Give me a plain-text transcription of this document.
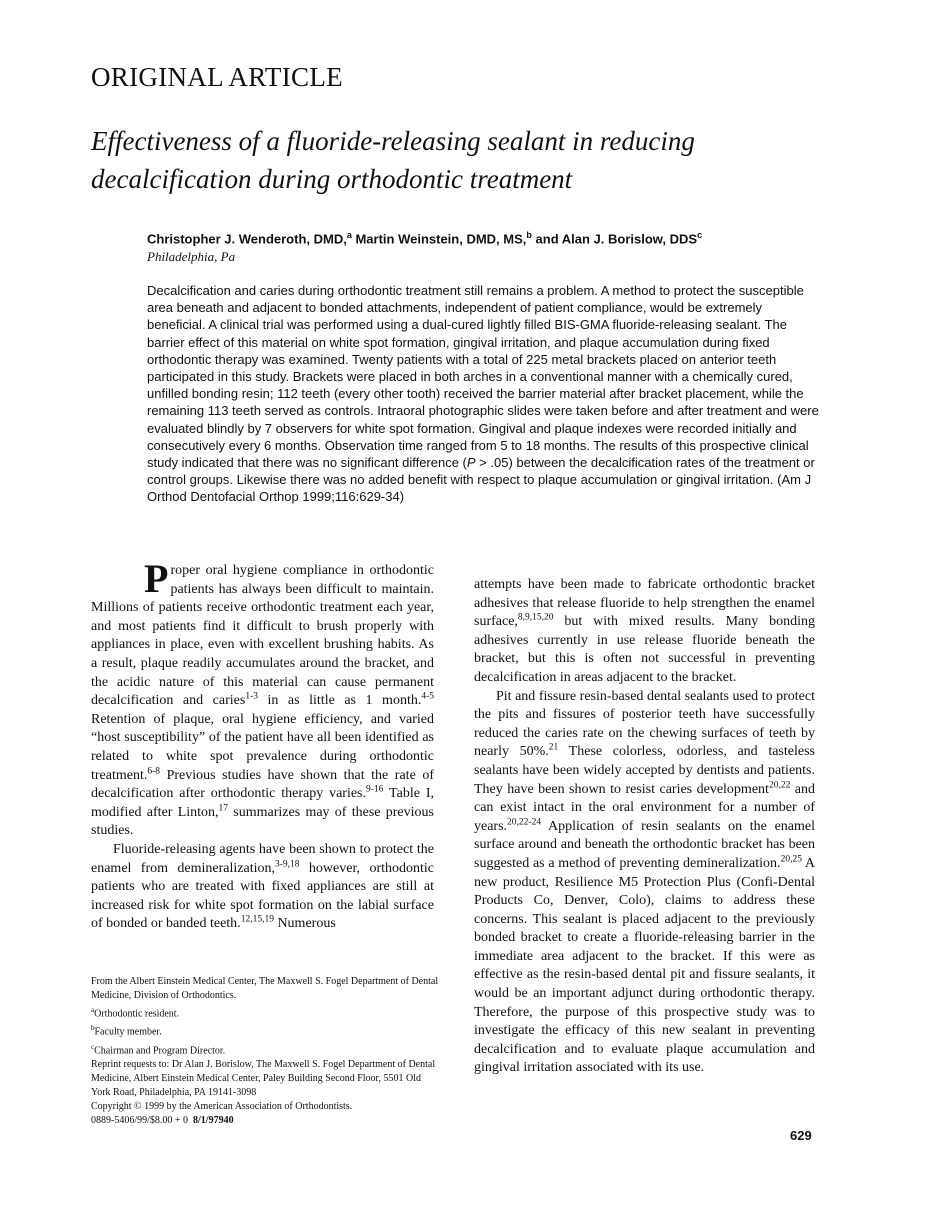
ORIGINAL ARTICLE
Effectiveness of a fluoride-releasing sealant in reducing
decalcification during orthodontic treatment

Christopher J. Wenderoth, DMD,$^a$ Martin Weinstein, DMD, MS,$^b$ and Alan J. Borislow, DDS$^c$

Philadelphia, Pa

Decalcification and caries during orthodontic treatment still remains a problem. A method to protect the susceptible area beneath and adjacent to bonded attachments, independent of patient compliance, would be extremely beneficial. A clinical trial was performed using a dual-cured lightly filled BIS-GMA fluoride-releasing sealant. The barrier effect of this material on white spot formation, gingival irritation, and plaque accumulation during fixed orthodontic therapy was examined. Twenty patients with a total of 225 metal brackets placed on anterior teeth participated in this study. Brackets were placed in both arches in a conventional manner with a chemically cured, unfilled bonding resin; 112 teeth (every other tooth) received the barrier material after bracket placement, while the remaining 113 teeth served as controls. Intraoral photographic slides were taken before and after treatment and were evaluated blindly by 7 observers for white spot formation. Gingival and plaque indexes were recorded initially and consecutively every 6 months. Observation time ranged from 5 to 18 months. The results of this prospective clinical study indicated that there was no significant difference (P > .05) between the decalcification rates of the treatment or control groups. Likewise there was no added benefit with respect to plaque accumulation or gingival irritation. (Am J Orthod Dentofacial Orthop 1999;116:629-34)

Proper oral hygiene compliance in orthodontic patients has always been difficult to maintain. Millions of patients receive orthodontic treatment each year, and most patients find it difficult to brush properly with appliances in place, even with excellent brushing habits. As a result, plaque readily accumulates around the bracket, and the acidic nature of this material can cause permanent decalcification and caries$^{1-3}$ in as little as 1 month.$^{4-5}$ Retention of plaque, oral hygiene efficiency, and varied “host susceptibility” of the patient have all been identified as related to white spot prevalence during orthodontic treatment.$^{6-8}$ Previous studies have shown that the rate of decalcification after orthodontic therapy varies.$^{9-16}$ Table I, modified after Linton,$^{17}$ summarizes may of these previous studies.

Fluoride-releasing agents have been shown to protect the enamel from demineralization,$^{3-9,18}$ however, orthodontic patients who are treated with fixed appliances are still at increased risk for white spot formation on the labial surface of bonded or banded teeth.$^{12,15,19}$ Numerous

attempts have been made to fabricate orthodontic bracket adhesives that release fluoride to help strengthen the enamel surface,$^{8,9,15,20}$ but with mixed results. Many bonding adhesives currently in use release fluoride beneath the bracket, but this is often not successful in preventing decalcification in areas adjacent to the bracket.

Pit and fissure resin-based dental sealants used to protect the pits and fissures of posterior teeth have successfully reduced the caries rate on the chewing surfaces of teeth by nearly 50%.$^{21}$ These colorless, odorless, and tasteless sealants have been widely accepted by dentists and patients. They have been shown to resist caries development$^{20,22}$ and can exist intact in the oral environment for a number of years.$^{20,22-24}$ Application of resin sealants on the enamel surface around and beneath the orthodontic bracket has been suggested as a method of preventing demineralization.$^{20,25}$ A new product, Resilience M5 Protection Plus (Confi-Dental Products Co, Denver, Colo), claims to address these concerns. This sealant is placed adjacent to the previously bonded bracket to create a fluoride-releasing barrier in the immediate area adjacent to the bracket. If this were as effective as the resin-based dental pit and fissure sealants, it would be an important adjunct during orthodontic therapy. Therefore, the purpose of this prospective study was to investigate the efficacy of this new sealant in preventing decalcification and to evaluate plaque accumulation and gingival irritation associated with its use.

From the Albert Einstein Medical Center, The Maxwell S. Fogel Department of Dental Medicine, Division of Orthodontics.
$^a$Orthodontic resident.
$^b$Faculty member.
$^c$Chairman and Program Director.
Reprint requests to: Dr Alan J. Borislow, The Maxwell S. Fogel Department of Dental Medicine, Albert Einstein Medical Center, Paley Building Second Floor, 5501 Old York Road, Philadelphia, PA 19141-3098
Copyright © 1999 by the American Association of Orthodontists.
0889-5406/99/$8.00 + 0  8/1/97940
629
